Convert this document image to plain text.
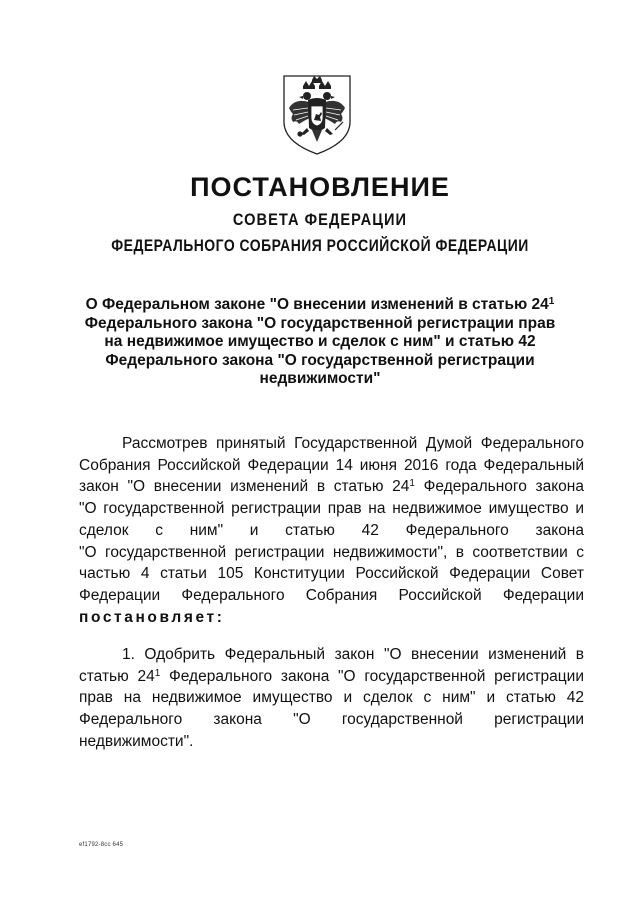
ПОСТАНОВЛЕНИЕ
СОВЕТА ФЕДЕРАЦИИ
ФЕДЕРАЛЬНОГО СОБРАНИЯ РОССИЙСКОЙ ФЕДЕРАЦИИ
О Федеральном законе "О внесении изменений в статью $24^1$
Федерального закона "О государственной регистрации прав
на недвижимое имущество и сделок с ним" и статью 42
Федерального закона "О государственной регистрации
недвижимости"
Рассмотрев принятый Государственной Думой Федерального
Собрания Российской Федерации 14 июня 2016 года Федеральный
закон "О внесении изменений в статью $24^1$ Федерального закона
"О государственной регистрации прав на недвижимое имущество и
сделок с ним" и статью 42 Федерального закона
"О государственной регистрации недвижимости", в соответствии с
частью 4 статьи 105 Конституции Российской Федерации Совет
Федерации Федерального Собрания Российской Федерации
постановляет:
1. Одобрить Федеральный закон "О внесении изменений в
статью $24^1$ Федерального закона "О государственной регистрации
прав на недвижимое имущество и сделок с ним" и статью 42
Федерального закона "О государственной регистрации
недвижимости".
ef1792-8cc 645
